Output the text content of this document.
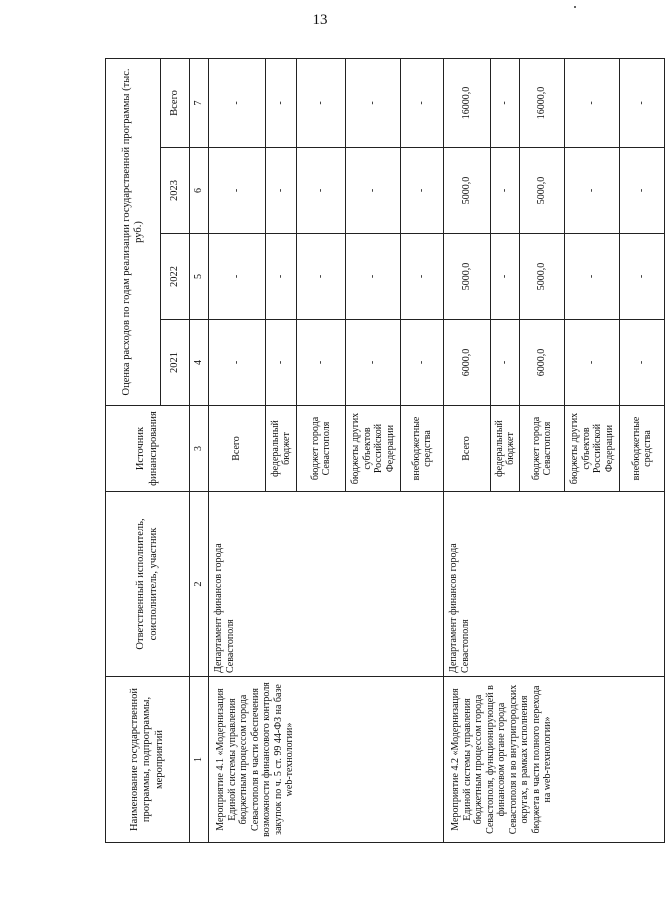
13
Наименование государственной программы, подпрограммы, мероприятий	Ответственный исполнитель, соисполнитель, участник	Источник финансирования	Оценка расходов по годам реализации государственной программы (тыс. руб.)			
			2021	2022	2023	Всего
1	2	3	4	5	6	7
Мероприятие 4.1 «Модернизация Единой системы управления бюджетным процессом города Севастополя в части обеспечения возможности финансового контроля закупок по ч. 5 ст. 99 44-ФЗ на базе web-технологии»	Департамент финансов города Севастополя	Всего	-	-	-	-
		федеральный бюджет	-	-	-	-
		бюджет города Севастополя	-	-	-	-
		бюджеты других субъектов Российской Федерации	-	-	-	-
		внебюджетные средства	-	-	-	-
Мероприятие 4.2 «Модернизация Единой системы управления бюджетным процессом города Севастополя, функционирующей в финансовом органе города Севастополя и во внутригородских округах, в рамках исполнения бюджета в части полного перехода на web-технологии»	Департамент финансов города Севастополя	Всего	6000,0	5000,0	5000,0	16000,0
		федеральный бюджет	-	-	-	-
		бюджет города Севастополя	6000,0	5000,0	5000,0	16000,0
		бюджеты других субъектов Российской Федерации	-	-	-	-
		внебюджетные средства	-	-	-	-
